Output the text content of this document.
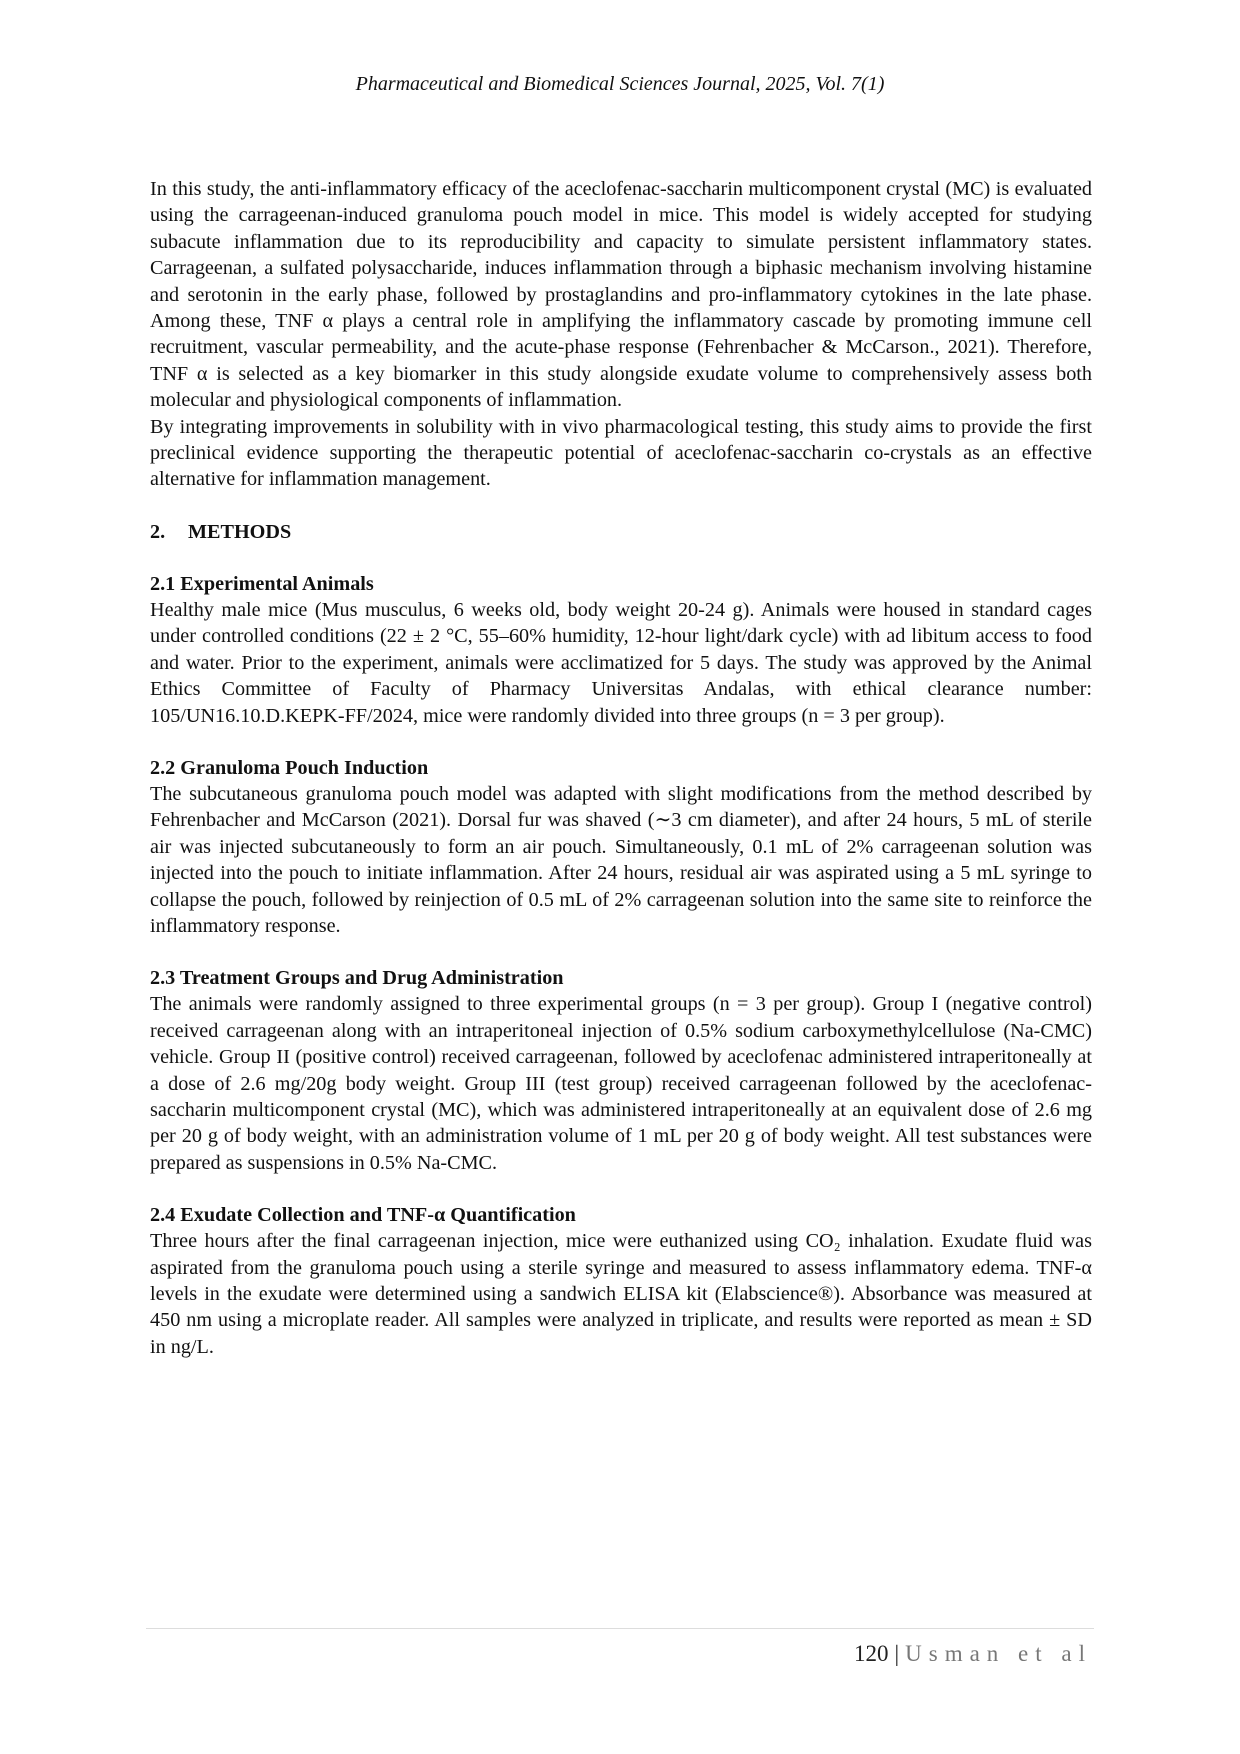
Pharmaceutical and Biomedical Sciences Journal, 2025, Vol. 7(1)

In this study, the anti-inflammatory efficacy of the aceclofenac-saccharin multicomponent crystal (MC) is evaluated using the carrageenan-induced granuloma pouch model in mice. This model is widely accepted for studying subacute inflammation due to its reproducibility and capacity to simulate persistent inflammatory states. Carrageenan, a sulfated polysaccharide, induces inflammation through a biphasic mechanism involving histamine and serotonin in the early phase, followed by prostaglandins and pro-inflammatory cytokines in the late phase. Among these, TNF α plays a central role in amplifying the inflammatory cascade by promoting immune cell recruitment, vascular permeability, and the acute-phase response (Fehrenbacher & McCarson., 2021). Therefore, TNF α is selected as a key biomarker in this study alongside exudate volume to comprehensively assess both molecular and physiological components of inflammation.

By integrating improvements in solubility with in vivo pharmacological testing, this study aims to provide the first preclinical evidence supporting the therapeutic potential of aceclofenac-saccharin co-crystals as an effective alternative for inflammation management.

2. METHODS
2.1 Experimental Animals

Healthy male mice (Mus musculus, 6 weeks old, body weight 20-24 g). Animals were housed in standard cages under controlled conditions (22 ± 2 °C, 55–60% humidity, 12-hour light/dark cycle) with ad libitum access to food and water. Prior to the experiment, animals were acclimatized for 5 days. The study was approved by the Animal Ethics Committee of Faculty of Pharmacy Universitas Andalas, with ethical clearance number: 105/UN16.10.D.KEPK-FF/2024, mice were randomly divided into three groups (n = 3 per group).

2.2 Granuloma Pouch Induction

The subcutaneous granuloma pouch model was adapted with slight modifications from the method described by Fehrenbacher and McCarson (2021). Dorsal fur was shaved (∼3 cm diameter), and after 24 hours, 5 mL of sterile air was injected subcutaneously to form an air pouch. Simultaneously, 0.1 mL of 2% carrageenan solution was injected into the pouch to initiate inflammation. After 24 hours, residual air was aspirated using a 5 mL syringe to collapse the pouch, followed by reinjection of 0.5 mL of 2% carrageenan solution into the same site to reinforce the inflammatory response.

2.3 Treatment Groups and Drug Administration

The animals were randomly assigned to three experimental groups (n = 3 per group). Group I (negative control) received carrageenan along with an intraperitoneal injection of 0.5% sodium carboxymethylcellulose (Na-CMC) vehicle. Group II (positive control) received carrageenan, followed by aceclofenac administered intraperitoneally at a dose of 2.6 mg/20g body weight. Group III (test group) received carrageenan followed by the aceclofenac-saccharin multicomponent crystal (MC), which was administered intraperitoneally at an equivalent dose of 2.6 mg per 20 g of body weight, with an administration volume of 1 mL per 20 g of body weight. All test substances were prepared as suspensions in 0.5% Na-CMC.

2.4 Exudate Collection and TNF-α Quantification

Three hours after the final carrageenan injection, mice were euthanized using CO₂ inhalation. Exudate fluid was aspirated from the granuloma pouch using a sterile syringe and measured to assess inflammatory edema. TNF-α levels in the exudate were determined using a sandwich ELISA kit (Elabscience®). Absorbance was measured at 450 nm using a microplate reader. All samples were analyzed in triplicate, and results were reported as mean ± SD in ng/L.

120 | Usman et al
